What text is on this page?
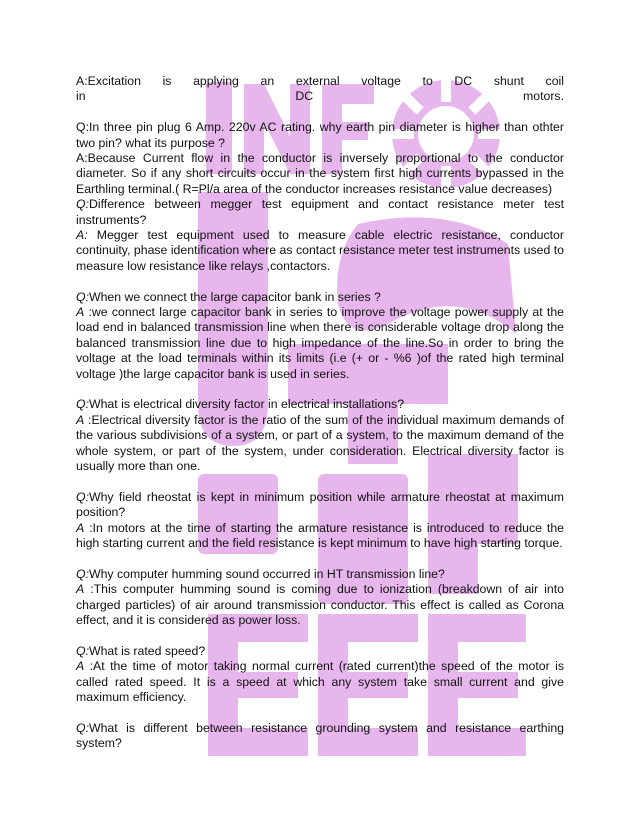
A:Excitation is applying an external voltage to DC shunt coil
in DC motors.
Q:In three pin plug 6 Amp. 220v AC rating. why earth pin diameter is higher than othter two pin? what its purpose ?
A:Because Current flow in the conductor is inversely proportional to the conductor diameter. So if any short circuits occur in the system first high currents bypassed in the Earthling terminal.( R=Pl/a area of the conductor increases resistance value decreases)
Q:Difference between megger test equipment and contact resistance meter test instruments?
A: Megger test equipment used to measure cable electric resistance, conductor continuity, phase identification where as contact resistance meter test instruments used to measure low resistance like relays ,contactors.
Q:When we connect the large capacitor bank in series ?
A :we connect large capacitor bank in series to improve the voltage power supply at the load end in balanced transmission line when there is considerable voltage drop along the balanced transmission line due to high impedance of the line.So in order to bring the voltage at the load terminals within its limits (i.e (+ or - %6 )of the rated high terminal voltage )the large capacitor bank is used in series.
Q:What is electrical diversity factor in electrical installations?
A :Electrical diversity factor is the ratio of the sum of the individual maximum demands of the various subdivisions of a system, or part of a system, to the maximum demand of the whole system, or part of the system, under consideration. Electrical diversity factor is usually more than one.
Q:Why field rheostat is kept in minimum position while armature rheostat at maximum position?
A :In motors at the time of starting the armature resistance is introduced to reduce the high starting current and the field resistance is kept minimum to have high starting torque.
Q:Why computer humming sound occurred in HT transmission line?
A :This computer humming sound is coming due to ionization (breakdown of air into charged particles) of air around transmission conductor. This effect is called as Corona effect, and it is considered as power loss.
Q:What is rated speed?
A :At the time of motor taking normal current (rated current)the speed of the motor is called rated speed. It is a speed at which any system take small current and give maximum efficiency.
Q:What is different between resistance grounding system and resistance earthing system?
